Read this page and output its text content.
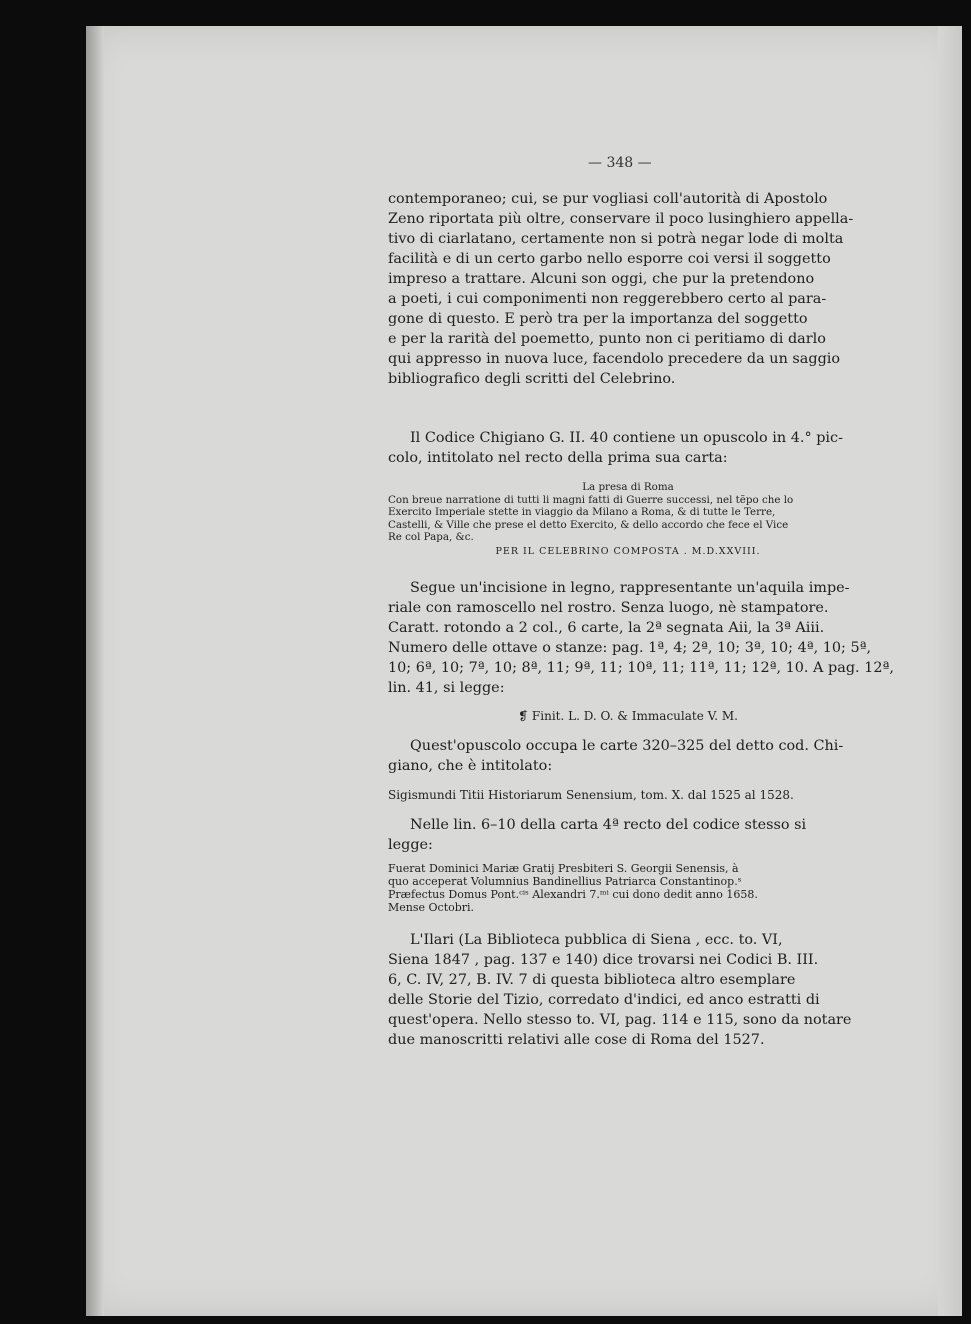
— 348 —

contemporaneo; cui, se pur vogliasi coll'autorità di Apostolo
Zeno riportata più oltre, conservare il poco lusinghiero appella-
tivo di ciarlatano, certamente non si potrà negar lode di molta
facilità e di un certo garbo nello esporre coi versi il soggetto
impreso a trattare. Alcuni son oggi, che pur la pretendono
a poeti, i cui componimenti non reggerebbero certo al para-
gone di questo. E però tra per la importanza del soggetto
e per la rarità del poemetto, punto non ci peritiamo di darlo
qui appresso in nuova luce, facendolo precedere da un saggio
bibliografico degli scritti del Celebrino.

Il Codice Chigiano G. II. 40 contiene un opuscolo in 4.° pic-
colo, intitolato nel recto della prima sua carta:

La presa di Roma
Con breue narratione di tutti li magni fatti di Guerre successi, nel tẽpo che lo
Exercito Imperiale stette in viaggio da Milano a Roma, & di tutte le Terre,
Castelli, & Ville che prese el detto Exercito, & dello accordo che fece el Vice
Re col Papa, &c.
PER IL CELEBRINO COMPOSTA . M.D.XXVIII.

Segue un'incisione in legno, rappresentante un'aquila impe-
riale con ramoscello nel rostro. Senza luogo, nè stampatore.
Caratt. rotondo a 2 col., 6 carte, la 2ª segnata Aii, la 3ª Aiii.
Numero delle ottave o stanze: pag. 1ª, 4; 2ª, 10; 3ª, 10; 4ª, 10; 5ª,
10; 6ª, 10; 7ª, 10; 8ª, 11; 9ª, 11; 10ª, 11; 11ª, 11; 12ª, 10. A pag. 12ª,
lin. 41, si legge:

❡ Finit. L. D. O. & Immaculate V. M.

Quest'opuscolo occupa le carte 320–325 del detto cod. Chi-
giano, che è intitolato:

Sigismundi Titii Historiarum Senensium, tom. X. dal 1525 al 1528.

Nelle lin. 6–10 della carta 4ª recto del codice stesso si
legge:

Fuerat Dominici Mariæ Gratij Presbiteri S. Georgii Senensis, à
quo acceperat Volumnius Bandinellius Patriarca Constantinop.ˢ
Præfectus Domus Pont.ᶜⁱˢ Alexandri 7.ᵐⁱ cui dono dedit anno 1658.
Mense Octobri.

L'Ilari (La Biblioteca pubblica di Siena , ecc. to. VI,
Siena 1847 , pag. 137 e 140) dice trovarsi nei Codici B. III.
6, C. IV, 27, B. IV. 7 di questa biblioteca altro esemplare
delle Storie del Tizio, corredato d'indici, ed anco estratti di
quest'opera. Nello stesso to. VI, pag. 114 e 115, sono da notare
due manoscritti relativi alle cose di Roma del 1527.
